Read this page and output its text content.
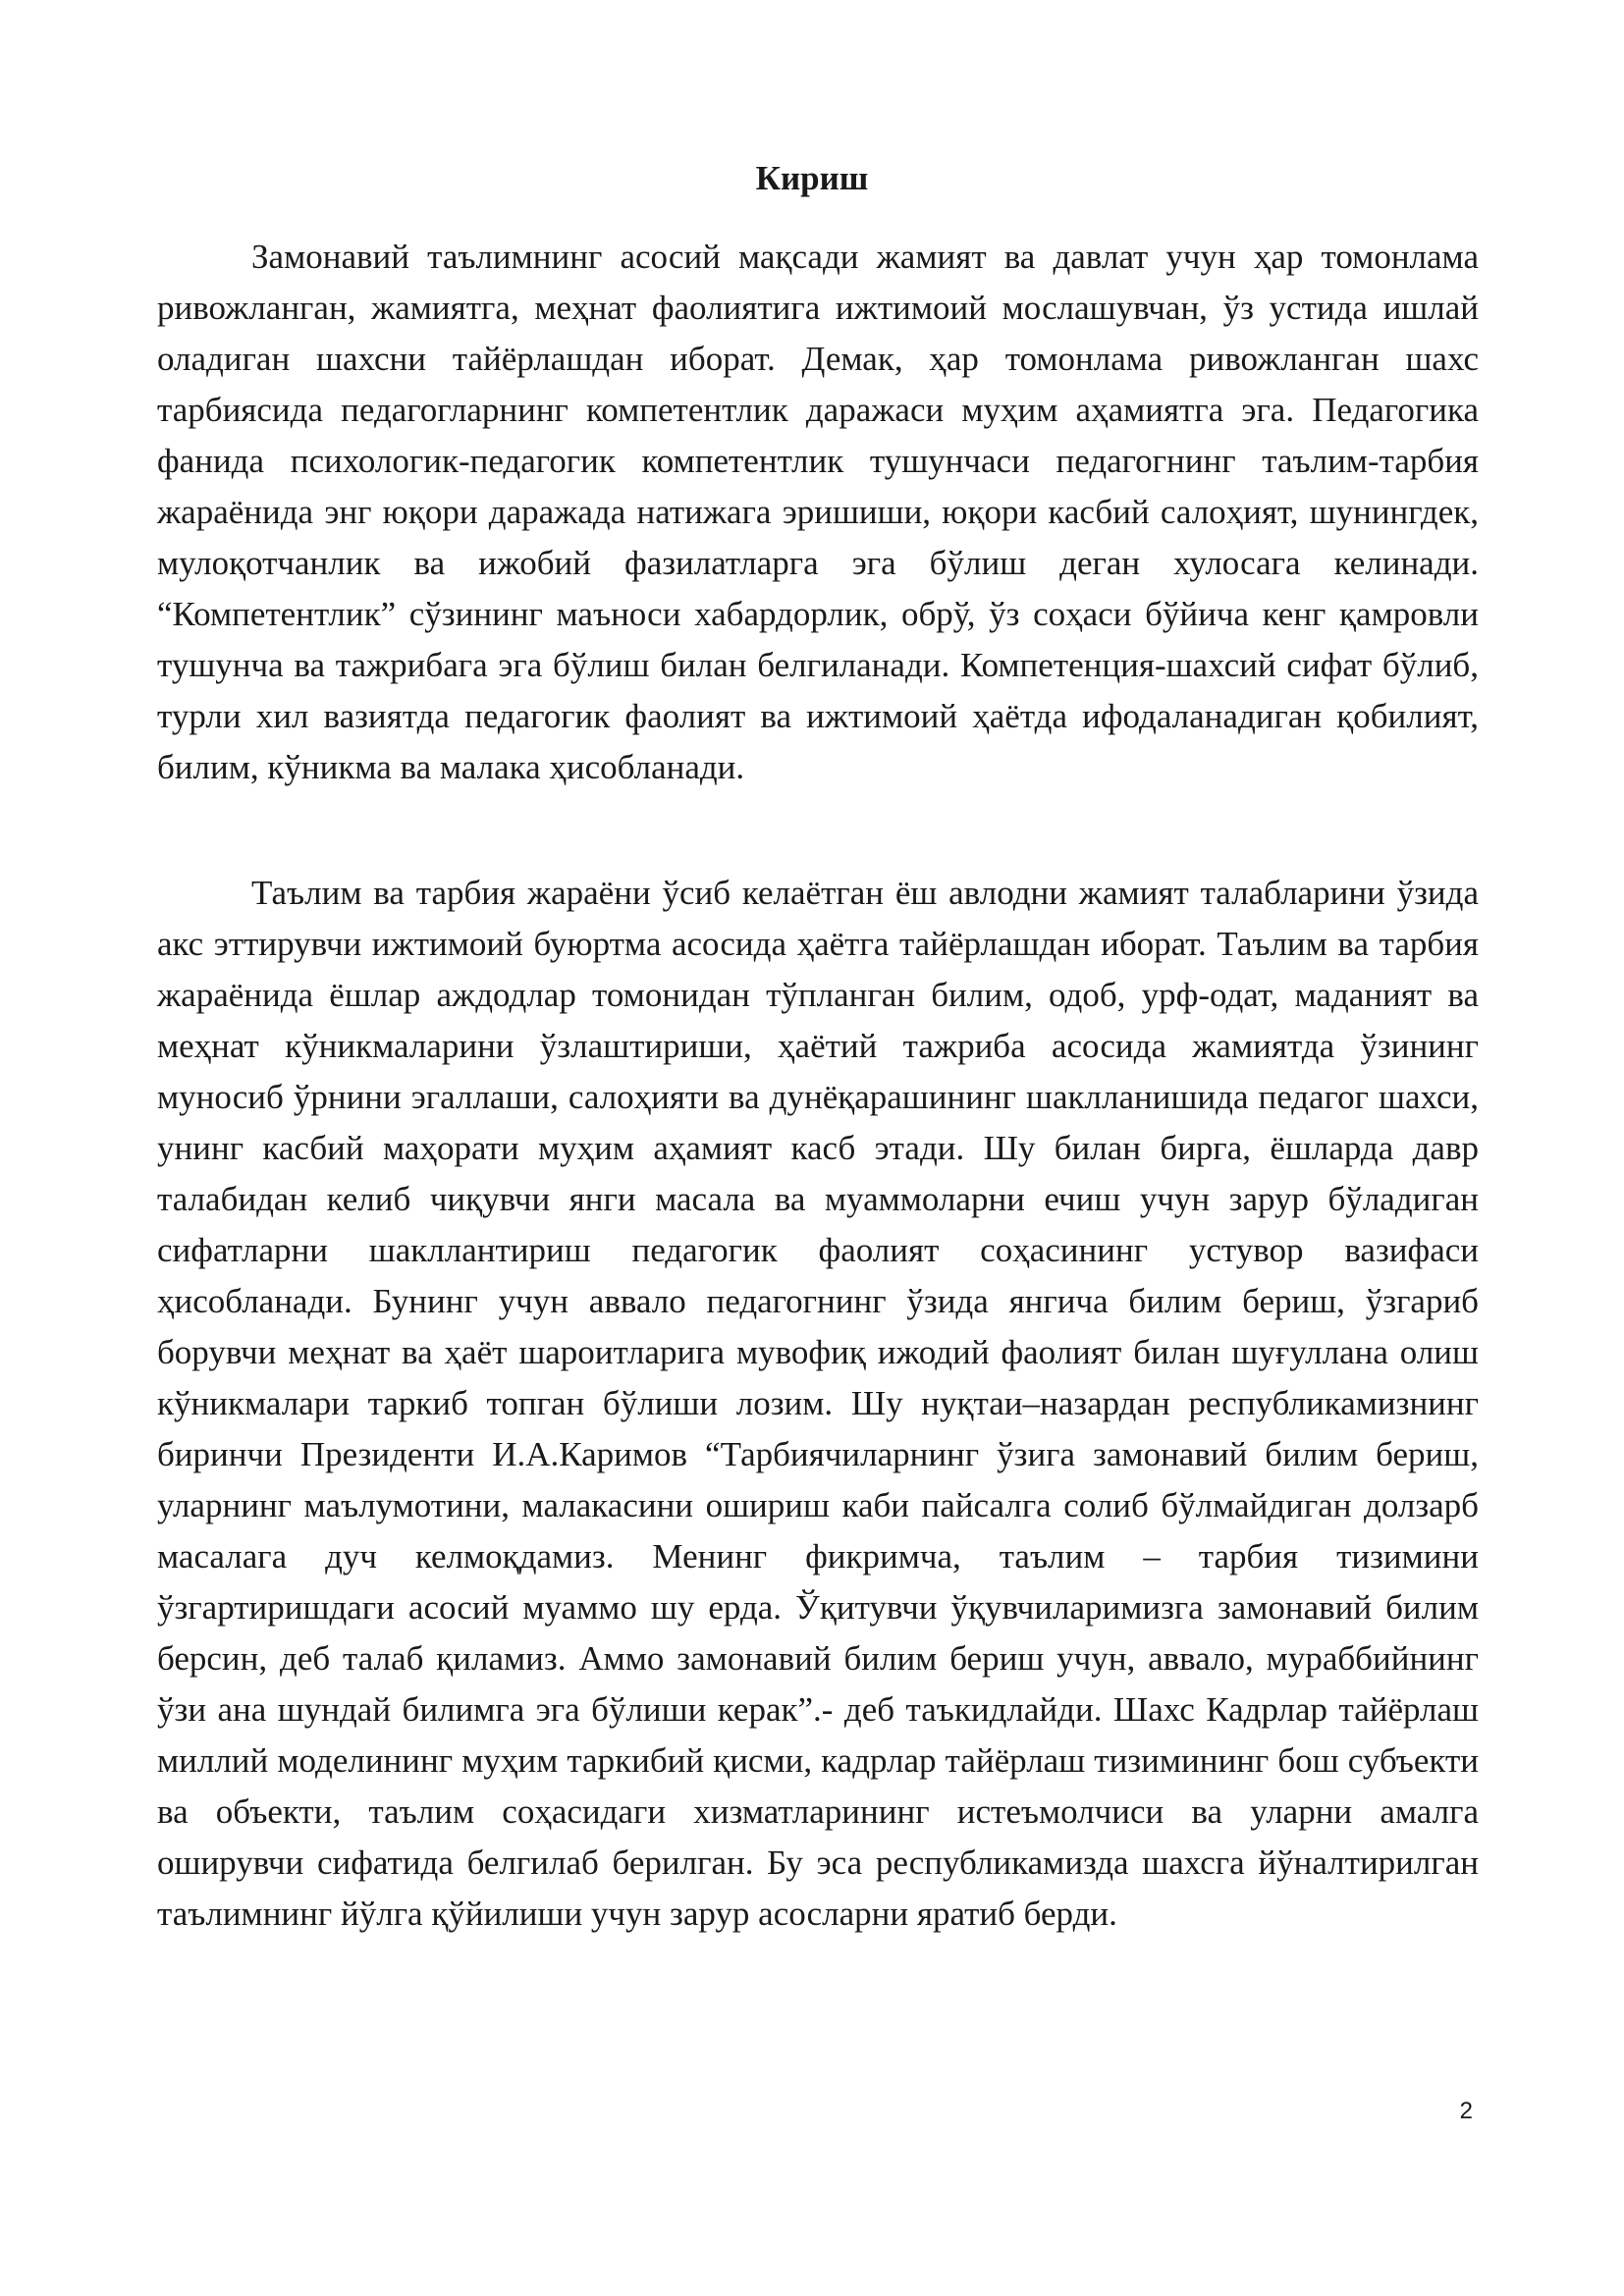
Кириш

Замонавий таълимнинг асосий мақсади жамият ва давлат учун ҳар томонлама ривожланган, жамиятга, меҳнат фаолиятига ижтимоий мослашувчан, ўз устида ишлай оладиган шахсни тайёрлашдан иборат. Демак, ҳар томонлама ривожланган шахс тарбиясида педагогларнинг компетентлик даражаси муҳим аҳамиятга эга. Педагогика фанида психологик-педагогик компетентлик тушунчаси педагогнинг таълим-тарбия жараёнида энг юқори даражада натижага эришиши, юқори касбий салоҳият, шунингдек, мулоқотчанлик ва ижобий фазилатларга эга бўлиш деган хулосага келинади. “Компетентлик” сўзининг маъноси хабардорлик, обрў, ўз соҳаси бўйича кенг қамровли тушунча ва тажрибага эга бўлиш билан белгиланади. Компетенция-шахсий сифат бўлиб, турли хил вазиятда педагогик фаолият ва ижтимоий ҳаётда ифодаланадиган қобилият, билим, кўникма ва малака ҳисобланади.

Таълим ва тарбия жараёни ўсиб келаётган ёш авлодни жамият талабларини ўзида акс эттирувчи ижтимоий буюртма асосида ҳаётга тайёрлашдан иборат. Таълим ва тарбия жараёнида ёшлар аждодлар томонидан тўпланган билим, одоб, урф-одат, маданият ва меҳнат кўникмаларини ўзлаштириши, ҳаётий тажриба асосида жамиятда ўзининг муносиб ўрнини эгаллаши, салоҳияти ва дунёқарашининг шаклланишида педагог шахси, унинг касбий маҳорати муҳим аҳамият касб этади. Шу билан бирга, ёшларда давр талабидан келиб чиқувчи янги масала ва муаммоларни ечиш учун зарур бўладиган сифатларни шакллантириш педагогик фаолият соҳасининг устувор вазифаси ҳисобланади. Бунинг учун аввало педагогнинг ўзида янгича билим бериш, ўзгариб борувчи меҳнат ва ҳаёт шароитларига мувофиқ ижодий фаолият билан шуғуллана олиш кўникмалари таркиб топган бўлиши лозим. Шу нуқтаи–назардан республикамизнинг биринчи Президенти И.А.Каримов “Тарбиячиларнинг ўзига замонавий билим бериш, уларнинг маълумотини, малакасини ошириш каби пайсалга солиб бўлмайдиган долзарб масалага дуч келмоқдамиз. Менинг фикримча, таълим – тарбия тизимини ўзгартиришдаги асосий муаммо шу ерда. Ўқитувчи ўқувчиларимизга замонавий билим берсин, деб талаб қиламиз. Аммо замонавий билим бериш учун, аввало, мураббийнинг ўзи ана шундай билимга эга бўлиши керак”.- деб таъкидлайди. Шахс Кадрлар тайёрлаш миллий моделининг муҳим таркибий қисми, кадрлар тайёрлаш тизимининг бош субъекти ва объекти, таълим соҳасидаги хизматларининг истеъмолчиси ва уларни амалга оширувчи сифатида белгилаб берилган. Бу эса республикамизда шахсга йўналтирилган таълимнинг йўлга қўйилиши учун зарур асосларни яратиб берди.

2
